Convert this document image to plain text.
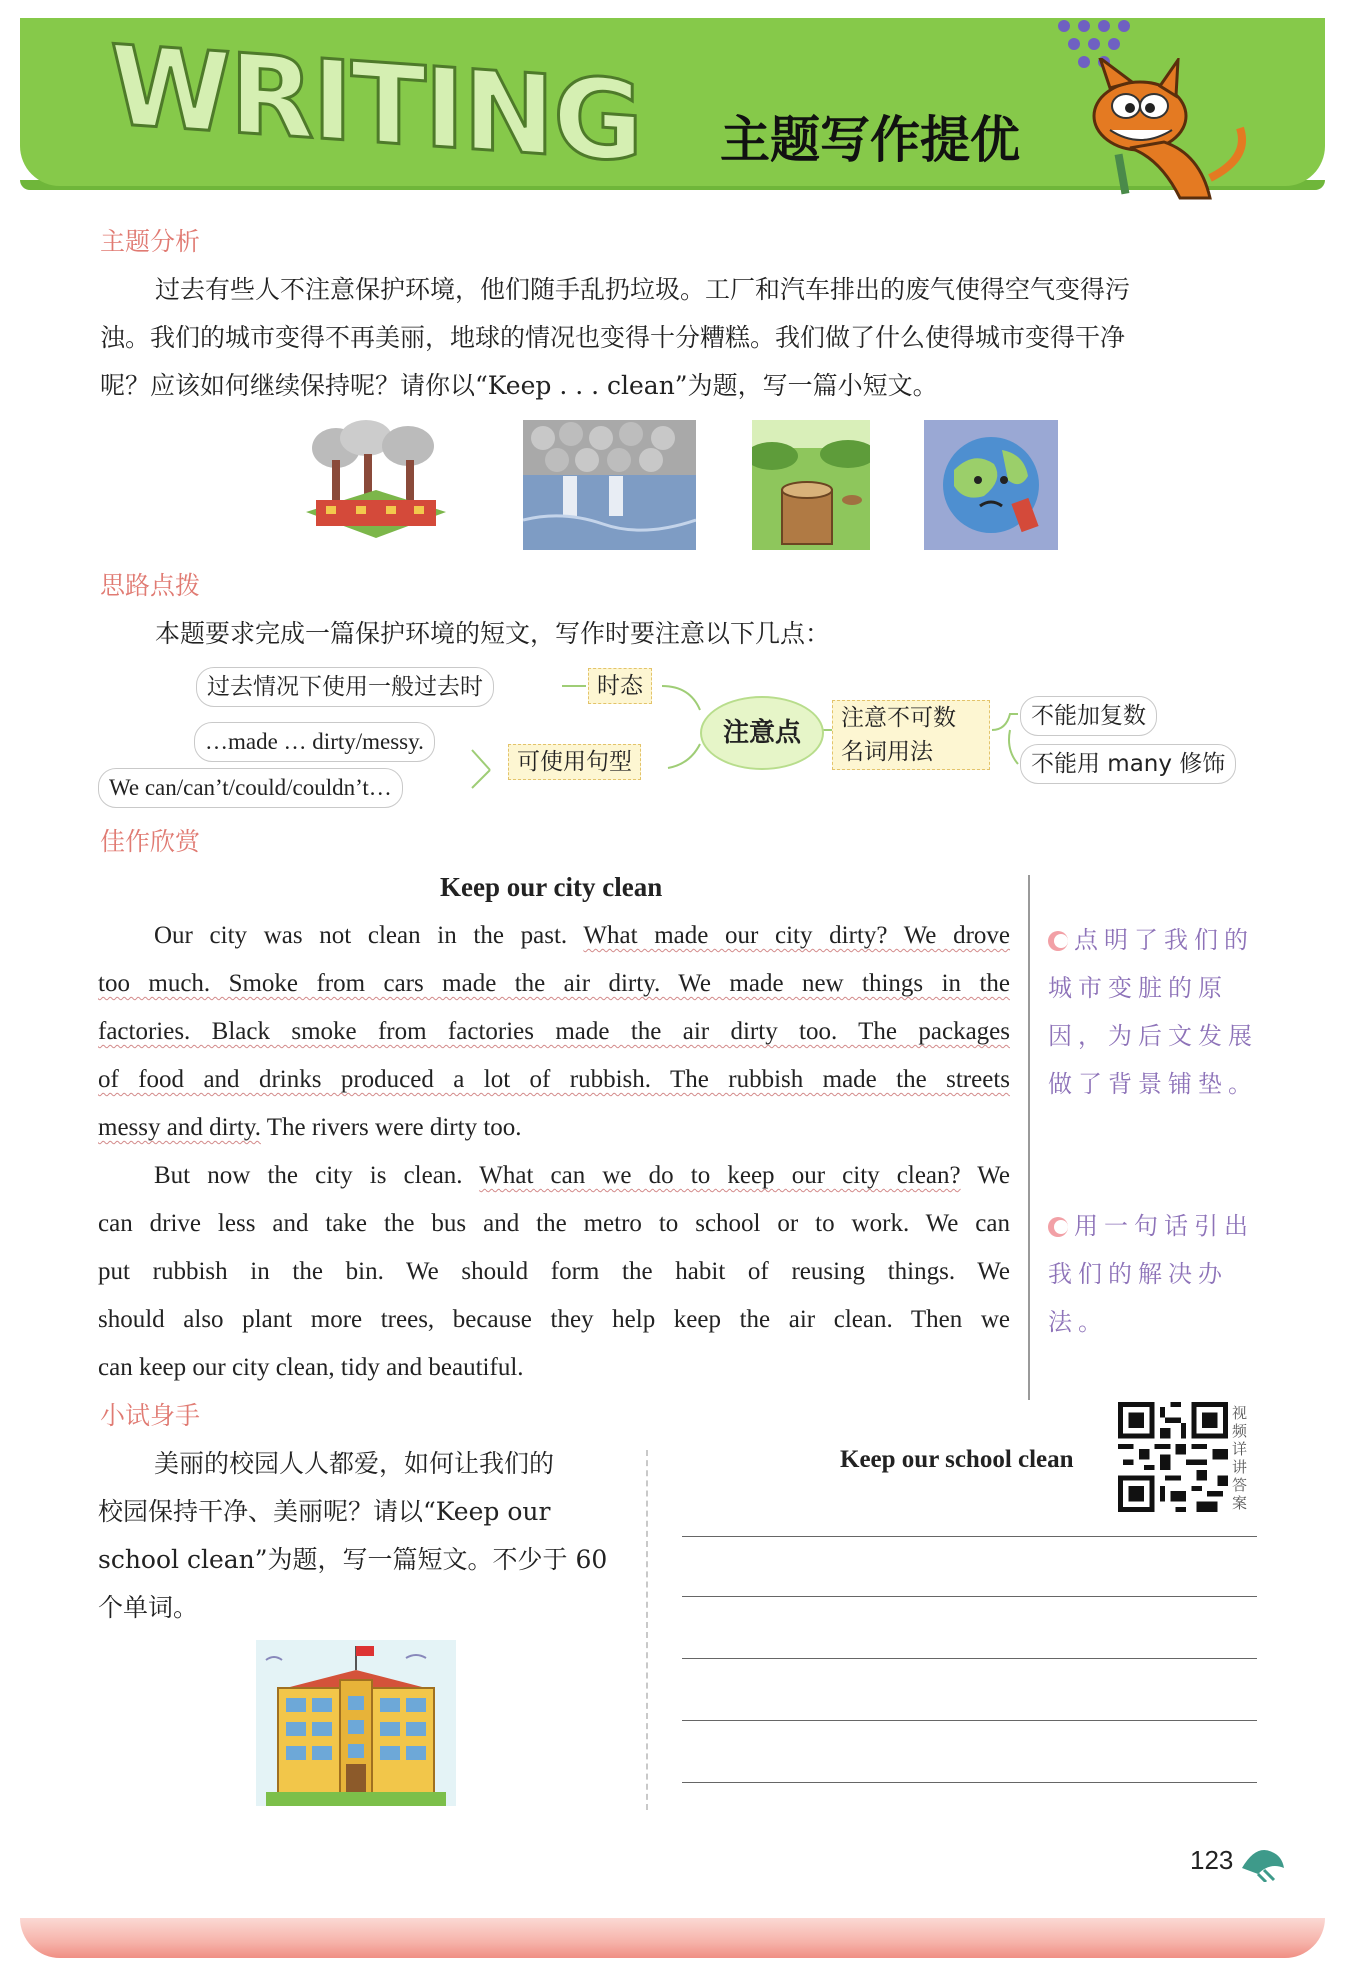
WRITING 主题写作提优
主题分析
过去有些人不注意保护环境，他们随手乱扔垃圾。工厂和汽车排出的废气使得空气变得污
浊。我们的城市变得不再美丽，地球的情况也变得十分糟糕。我们做了什么使得城市变得干净
呢？应该如何继续保持呢？请你以“Keep . . . clean”为题，写一篇小短文。
思路点拨
本题要求完成一篇保护环境的短文，写作时要注意以下几点：
过去情况下使用一般过去时	时态
…made … dirty/messy.
We can/can’t/could/couldn’t…
可使用句型
注意点	注意不可数
名词用法
不能加复数
不能用 many 修饰
佳作欣赏
Keep our city clean
Our city was not clean in the past. What made our city dirty? We drove
too much. Smoke from cars made the air dirty. We made new things in the
factories. Black smoke from factories made the air dirty too. The packages
of food and drinks produced a lot of rubbish. The rubbish made the streets
messy and dirty. The rivers were dirty too.
But now the city is clean. What can we do to keep our city clean? We
can drive less and take the bus and the metro to school or to work. We can
put rubbish in the bin. We should form the habit of reusing things. We
should also plant more trees, because they help keep the air clean. Then we
can keep our city clean, tidy and beautiful.
点明了我们的
城市变脏的原
因，为后文发展
做了背景铺垫。
用一句话引出
我们的解决办
法。
小试身手
美丽的校园人人都爱，如何让我们的
校园保持干净、美丽呢？请以“Keep our
school clean”为题，写一篇短文。不少于 60
个单词。
Keep our school clean
视频详讲答案
123
